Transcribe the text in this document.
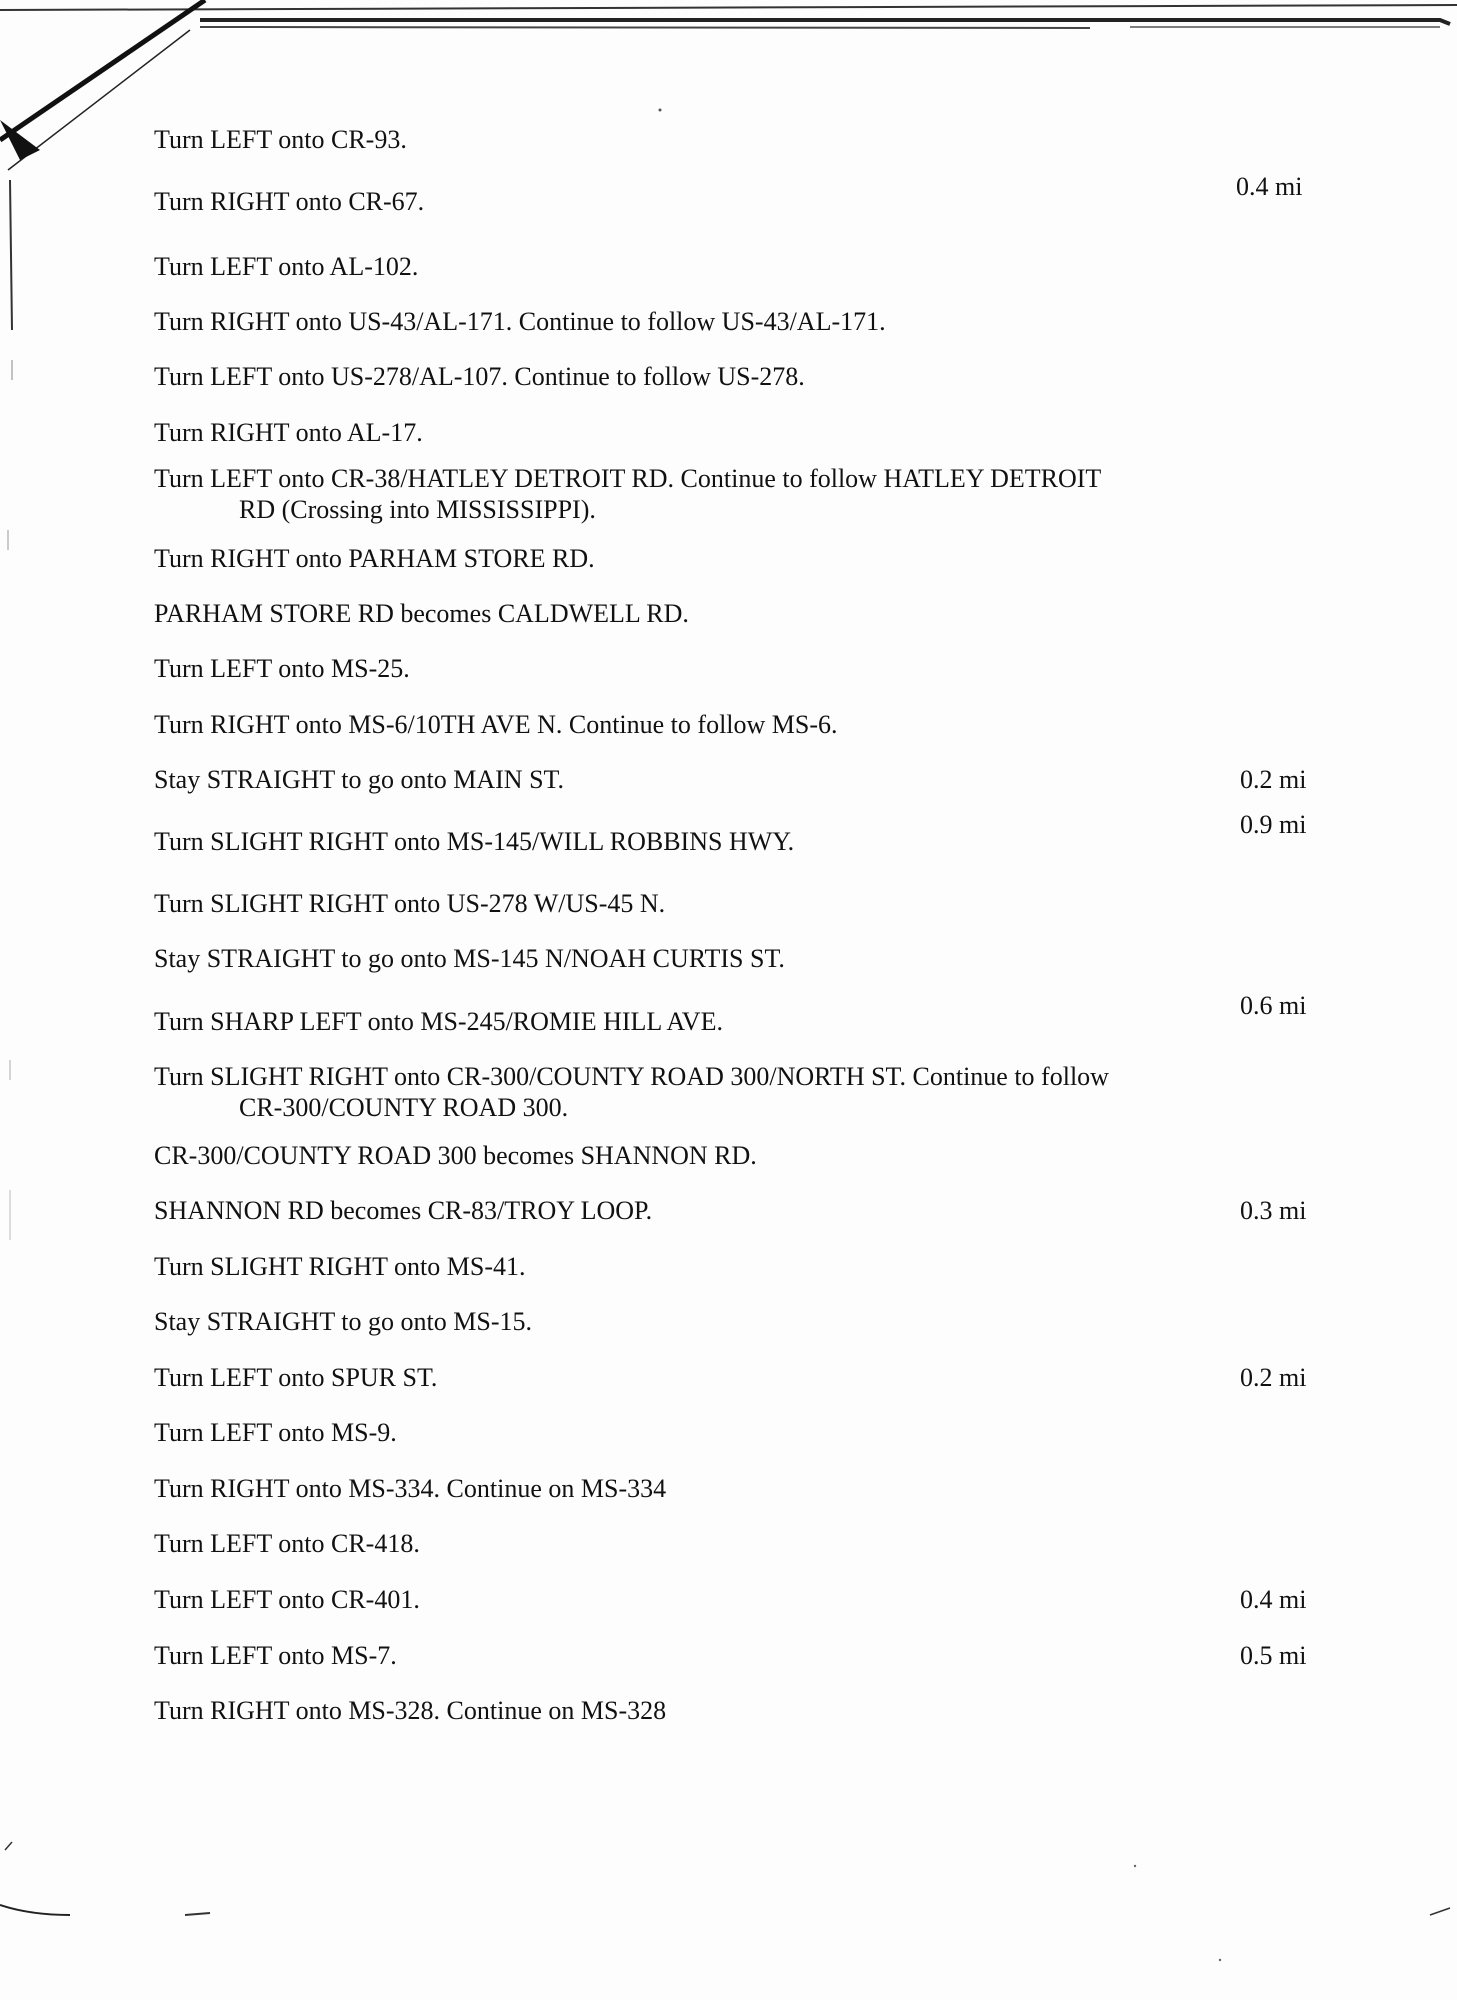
Turn LEFT onto CR-93.
Turn RIGHT onto CR-67.
Turn LEFT onto AL-102.
Turn RIGHT onto US-43/AL-171. Continue to follow US-43/AL-171.
Turn LEFT onto US-278/AL-107. Continue to follow US-278.
Turn RIGHT onto AL-17.
Turn LEFT onto CR-38/HATLEY DETROIT RD. Continue to follow HATLEY DETROIT
RD (Crossing into MISSISSIPPI).
Turn RIGHT onto PARHAM STORE RD.
PARHAM STORE RD becomes CALDWELL RD.
Turn LEFT onto MS-25.
Turn RIGHT onto MS-6/10TH AVE N. Continue to follow MS-6.
Stay STRAIGHT to go onto MAIN ST.
Turn SLIGHT RIGHT onto MS-145/WILL ROBBINS HWY.
Turn SLIGHT RIGHT onto US-278 W/US-45 N.
Stay STRAIGHT to go onto MS-145 N/NOAH CURTIS ST.
Turn SHARP LEFT onto MS-245/ROMIE HILL AVE.
Turn SLIGHT RIGHT onto CR-300/COUNTY ROAD 300/NORTH ST. Continue to follow
CR-300/COUNTY ROAD 300.
CR-300/COUNTY ROAD 300 becomes SHANNON RD.
SHANNON RD becomes CR-83/TROY LOOP.
Turn SLIGHT RIGHT onto MS-41.
Stay STRAIGHT to go onto MS-15.
Turn LEFT onto SPUR ST.
Turn LEFT onto MS-9.
Turn RIGHT onto MS-334. Continue on MS-334
Turn LEFT onto CR-418.
Turn LEFT onto CR-401.
Turn LEFT onto MS-7.
Turn RIGHT onto MS-328. Continue on MS-328
0.4 mi
0.2 mi
0.9 mi
0.6 mi
0.3 mi
0.2 mi
0.4 mi
0.5 mi
